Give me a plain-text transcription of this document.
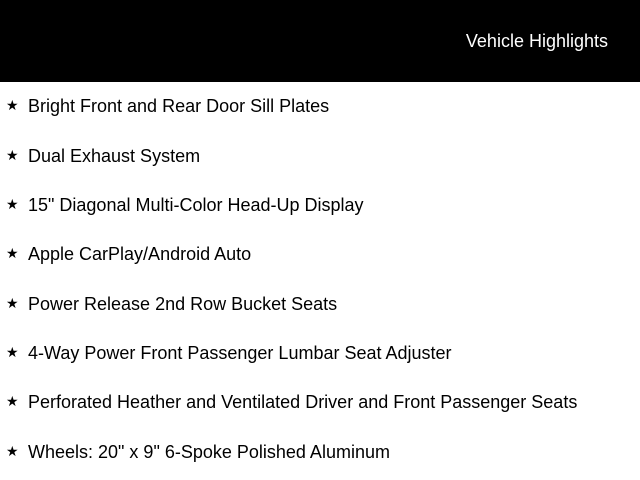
Vehicle Highlights
★ Bright Front and Rear Door Sill Plates
★ Dual Exhaust System
★ 15" Diagonal Multi-Color Head-Up Display
★ Apple CarPlay/Android Auto
★ Power Release 2nd Row Bucket Seats
★ 4-Way Power Front Passenger Lumbar Seat Adjuster
★ Perforated Heather and Ventilated Driver and Front Passenger Seats
★ Wheels: 20" x 9" 6-Spoke Polished Aluminum
